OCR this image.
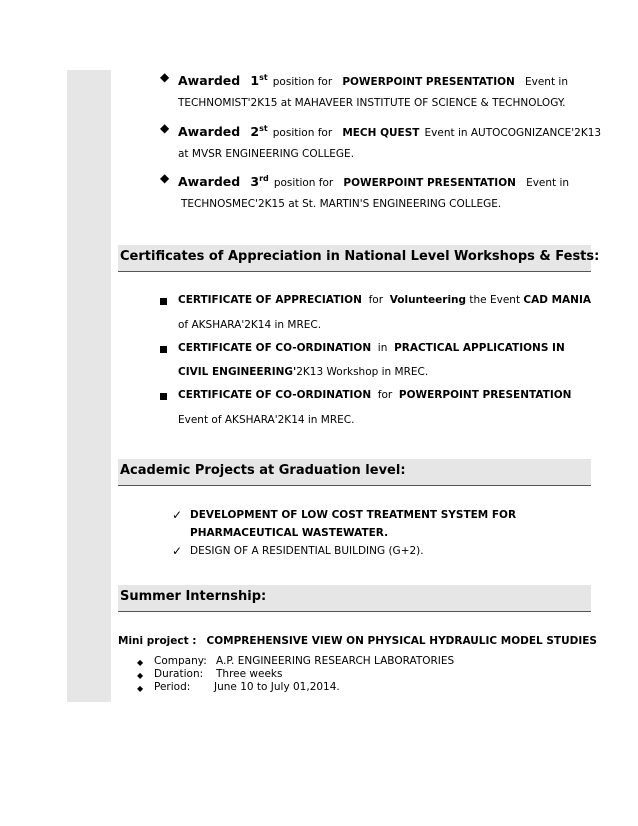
◆ Awarded 1st position for POWERPOINT PRESENTATION Event in
TECHNOMIST'2K15 at MAHAVEER INSTITUTE OF SCIENCE & TECHNOLOGY.
◆ Awarded 2st position for MECH QUEST Event in AUTOCOGNIZANCE'2K13
at MVSR ENGINEERING COLLEGE.
◆ Awarded 3rd position for POWERPOINT PRESENTATION Event in
TECHNOSMEC'2K15 at St. MARTIN'S ENGINEERING COLLEGE.
Certificates of Appreciation in National Level Workshops & Fests:
CERTIFICATE OF APPRECIATION for Volunteering the Event CAD MANIA
of AKSHARA'2K14 in MREC.
CERTIFICATE OF CO-ORDINATION in PRACTICAL APPLICATIONS IN
CIVIL ENGINEERING'2K13 Workshop in MREC.
CERTIFICATE OF CO-ORDINATION for POWERPOINT PRESENTATION
Event of AKSHARA'2K14 in MREC.
Academic Projects at Graduation level:
✓ DEVELOPMENT OF LOW COST TREATMENT SYSTEM FOR
PHARMACEUTICAL WASTEWATER.
✓ DESIGN OF A RESIDENTIAL BUILDING (G+2).
Summer Internship:
Mini project : COMPREHENSIVE VIEW ON PHYSICAL HYDRAULIC MODEL STUDIES
◆ Company: A.P. ENGINEERING RESEARCH LABORATORIES
◆ Duration: Three weeks
◆ Period: June 10 to July 01,2014.
